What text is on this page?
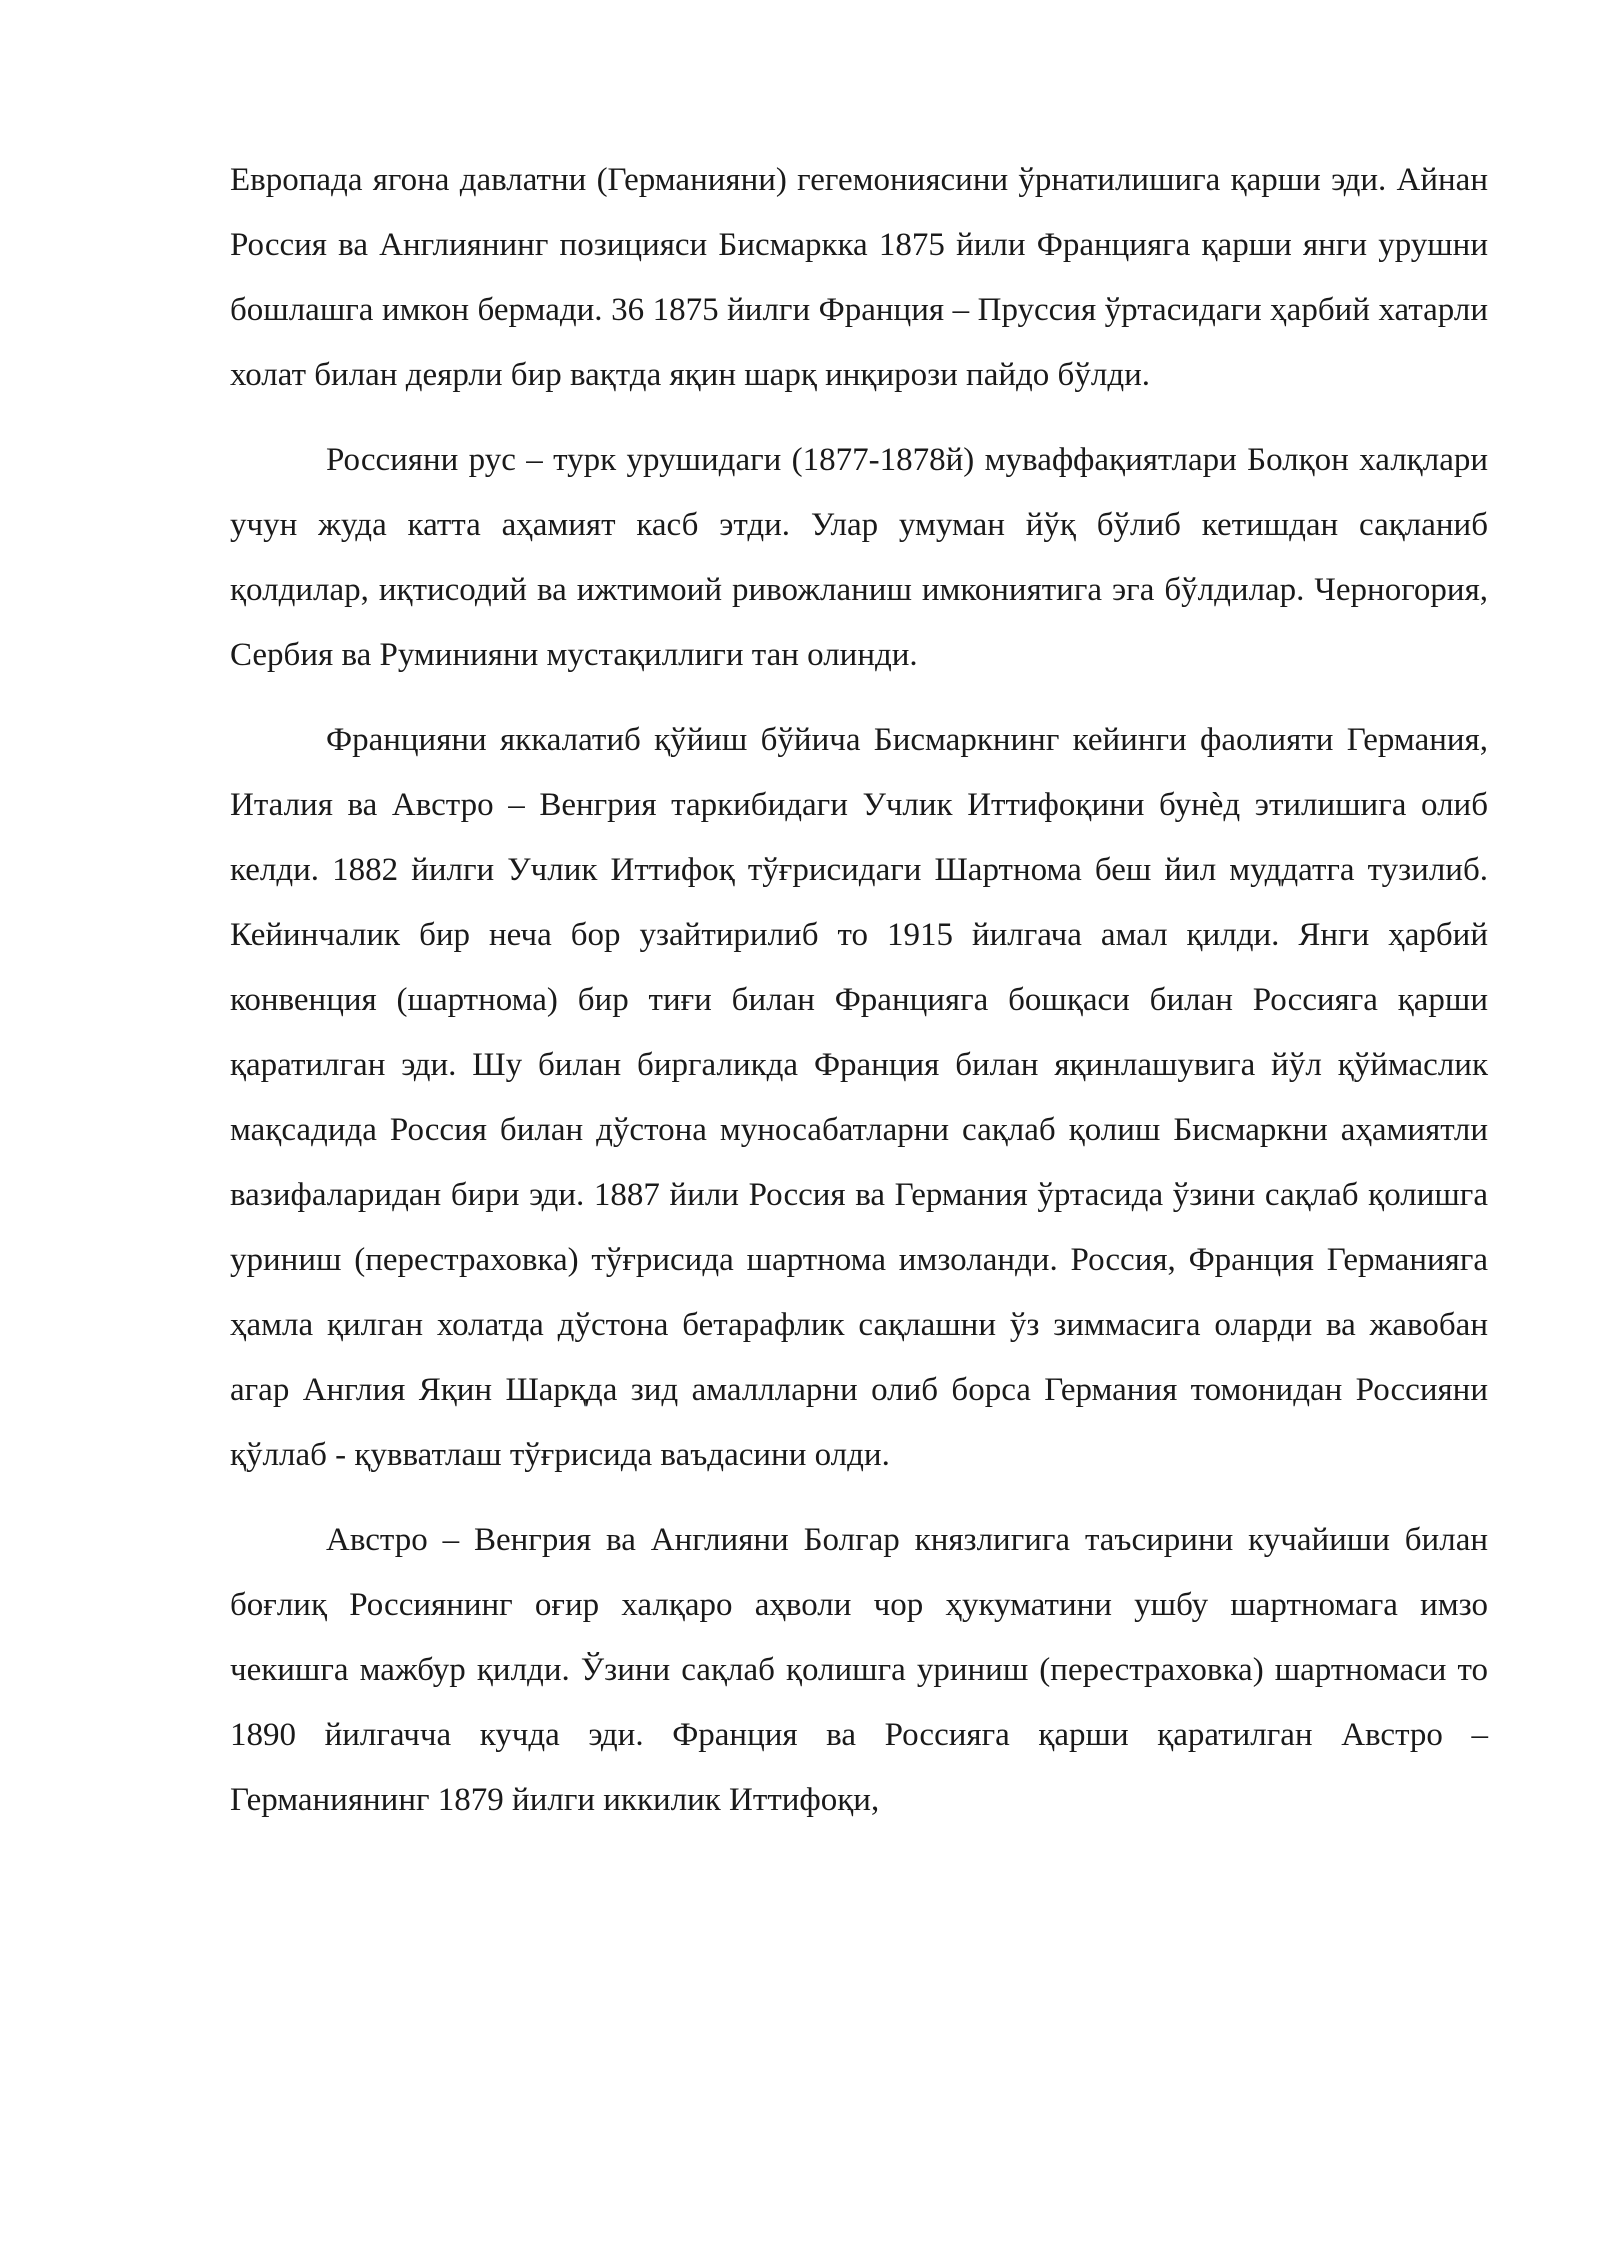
Европада ягона давлатни (Германияни) гегемониясини ўрнатилишига қарши эди. Айнан Россия ва Англиянинг позицияси Бисмаркка 1875 йили Францияга қарши янги урушни бошлашга имкон бермади. 36 1875 йилги Франция – Пруссия ўртасидаги ҳарбий хатарли холат билан деярли бир вақтда яқин шарқ инқирози пайдо бўлди.

Россияни рус – турк урушидаги (1877-1878й) муваффақиятлари Болқон халқлари учун жуда катта аҳамият касб этди. Улар умуман йўқ бўлиб кетишдан сақланиб қолдилар, иқтисодий ва ижтимоий ривожланиш имкониятига эга бўлдилар. Черногория, Сербия ва Руминияни мустақиллиги тан олинди.

Францияни яккалатиб қўйиш бўйича Бисмаркнинг кейинги фаолияти Германия, Италия ва Австро – Венгрия таркибидаги Учлик Иттифоқини бунѐд этилишига олиб келди. 1882 йилги Учлик Иттифоқ тўғрисидаги Шартнома беш йил муддатга тузилиб. Кейинчалик бир неча бор узайтирилиб то 1915 йилгача амал қилди. Янги ҳарбий конвенция (шартнома) бир тиғи билан Францияга бошқаси билан Россияга қарши қаратилган эди. Шу билан биргаликда Франция билан яқинлашувига йўл қўймаслик мақсадида Россия билан дўстона муносабатларни сақлаб қолиш Бисмаркни аҳамиятли вазифаларидан бири эди. 1887 йили Россия ва Германия ўртасида ўзини сақлаб қолишга уриниш (перестраховка) тўғрисида шартнома имзоланди. Россия, Франция Германияга ҳамла қилган холатда дўстона бетарафлик сақлашни ўз зиммасига оларди ва жавобан агар Англия Яқин Шарқда зид амаллларни олиб борса Германия томонидан Россияни қўллаб - қувватлаш тўғрисида ваъдасини олди.

Австро – Венгрия ва Англияни Болгар князлигига таъсирини кучайиши билан боғлиқ Россиянинг оғир халқаро аҳволи чор ҳукуматини ушбу шартномага имзо чекишга мажбур қилди. Ўзини сақлаб қолишга уриниш (перестраховка) шартномаси то 1890 йилгачча кучда эди. Франция ва Россияга қарши қаратилган Австро – Германиянинг 1879 йилги иккилик Иттифоқи,
